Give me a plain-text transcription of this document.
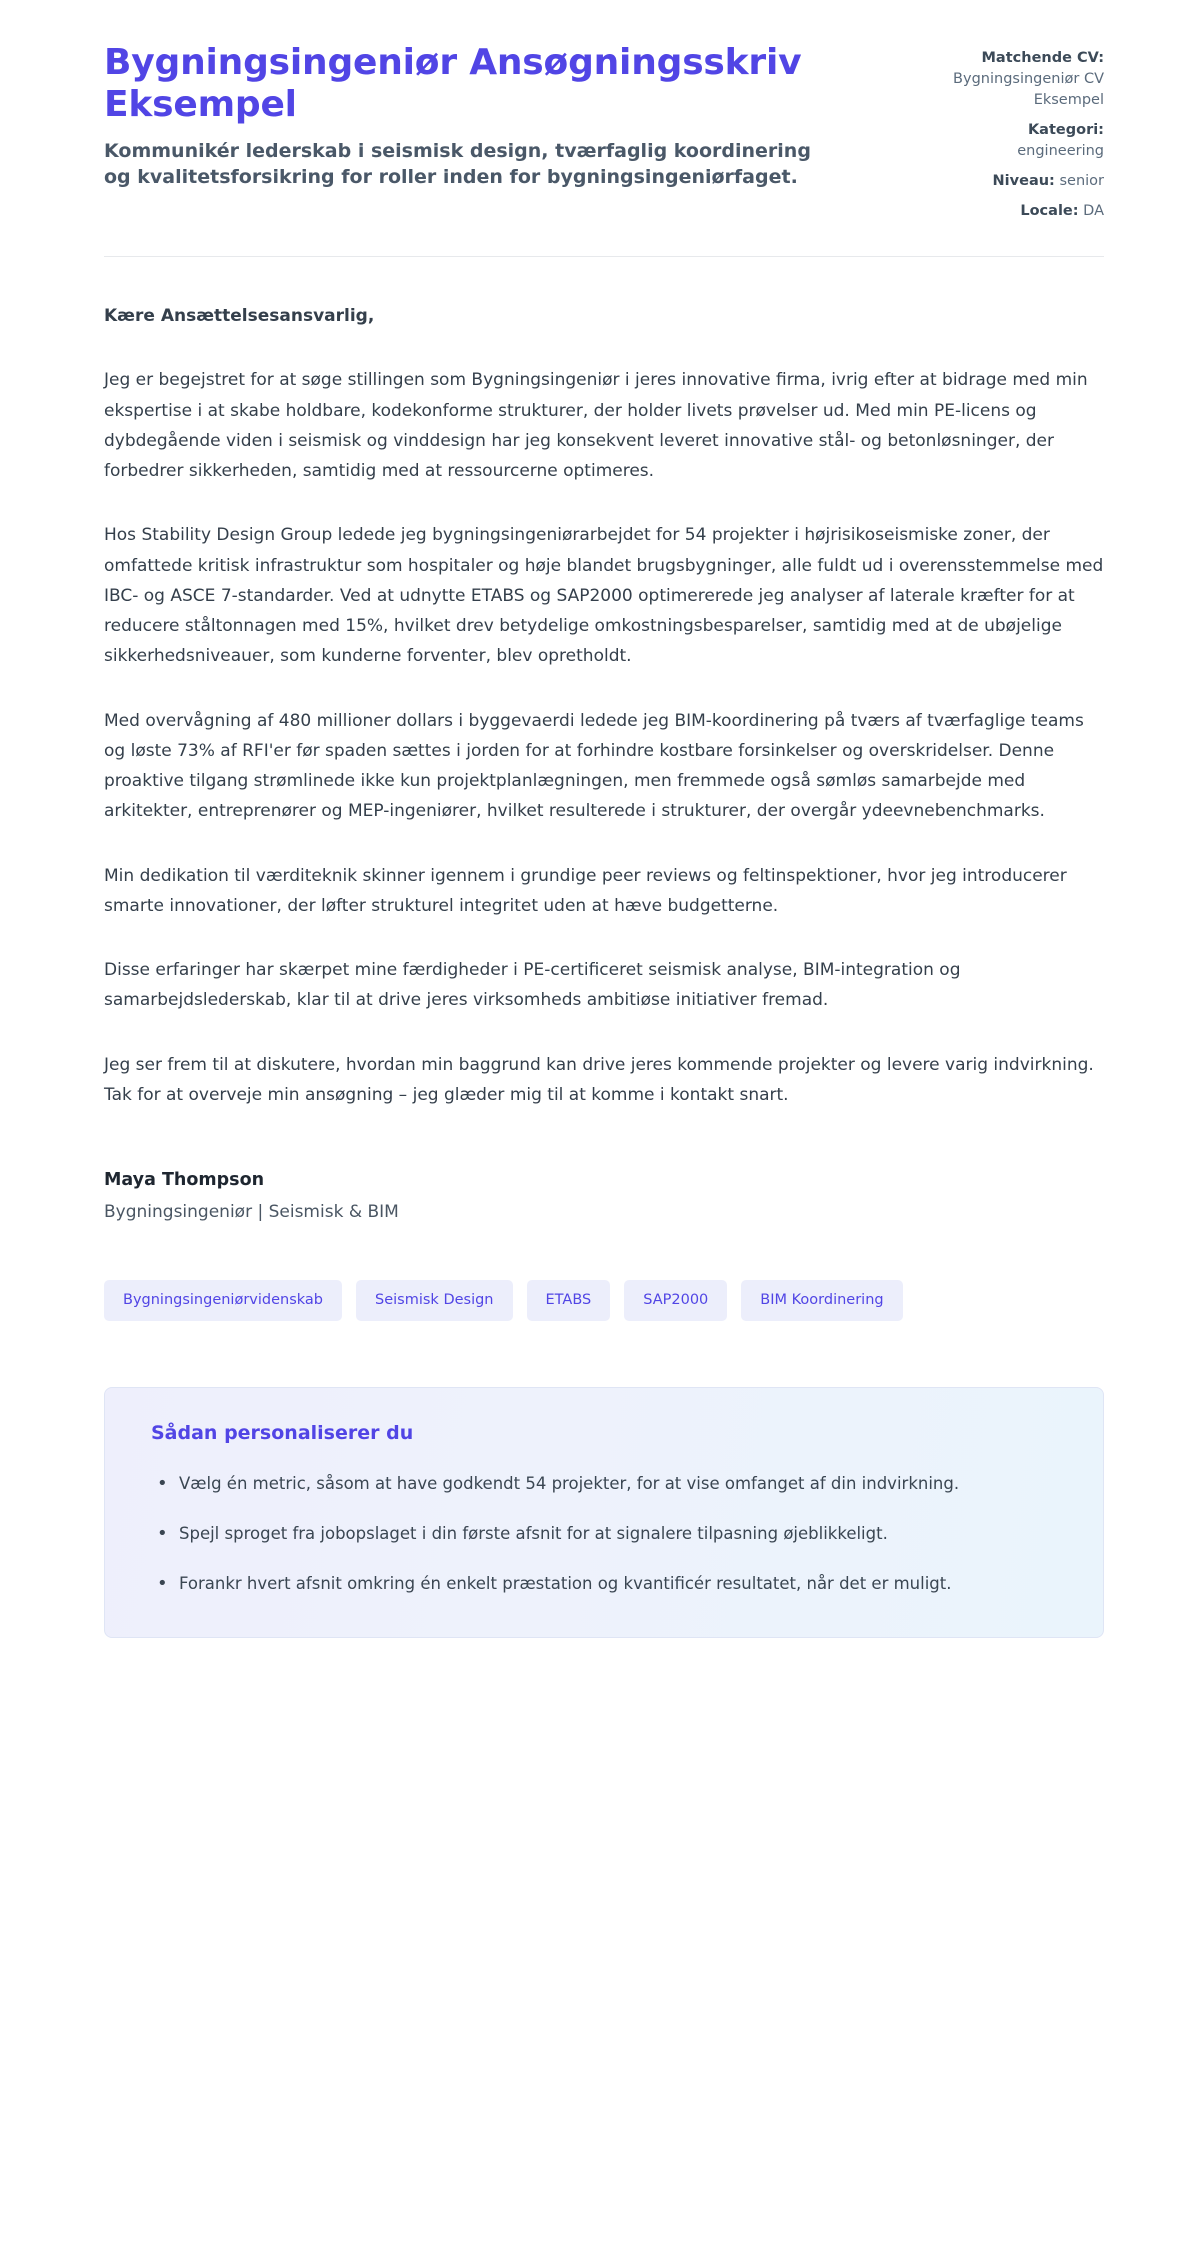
Bygningsingeniør Ansøgningsskriv Eksempel

Kommunikér lederskab i seismisk design, tværfaglig koordinering og kvalitetsforsikring for roller inden for bygningsingeniørfaget.

Matchende CV:
Bygningsingeniør CV Eksempel
Kategori:
engineering
Niveau: senior
Locale: DA

Kære Ansættelsesansvarlig,

Jeg er begejstret for at søge stillingen som Bygningsingeniør i jeres innovative firma, ivrig efter at bidrage med min ekspertise i at skabe holdbare, kodekonforme strukturer, der holder livets prøvelser ud. Med min PE-licens og dybdegående viden i seismisk og vinddesign har jeg konsekvent leveret innovative stål- og betonløsninger, der forbedrer sikkerheden, samtidig med at ressourcerne optimeres.

Hos Stability Design Group ledede jeg bygningsingeniørarbejdet for 54 projekter i højrisikoseismiske zoner, der omfattede kritisk infrastruktur som hospitaler og høje blandet brugsbygninger, alle fuldt ud i overensstemmelse med IBC- og ASCE 7-standarder. Ved at udnytte ETABS og SAP2000 optimererede jeg analyser af laterale kræfter for at reducere ståltonnagen med 15%, hvilket drev betydelige omkostningsbesparelser, samtidig med at de ubøjelige sikkerhedsniveauer, som kunderne forventer, blev opretholdt.

Med overvågning af 480 millioner dollars i byggevaerdi ledede jeg BIM-koordinering på tværs af tværfaglige teams og løste 73% af RFI'er før spaden sættes i jorden for at forhindre kostbare forsinkelser og overskridelser. Denne proaktive tilgang strømlinede ikke kun projektplanlægningen, men fremmede også sømløs samarbejde med arkitekter, entreprenører og MEP-ingeniører, hvilket resulterede i strukturer, der overgår ydeevnebenchmarks.

Min dedikation til værditeknik skinner igennem i grundige peer reviews og feltinspektioner, hvor jeg introducerer smarte innovationer, der løfter strukturel integritet uden at hæve budgetterne.

Disse erfaringer har skærpet mine færdigheder i PE-certificeret seismisk analyse, BIM-integration og samarbejdslederskab, klar til at drive jeres virksomheds ambitiøse initiativer fremad.

Jeg ser frem til at diskutere, hvordan min baggrund kan drive jeres kommende projekter og levere varig indvirkning. Tak for at overveje min ansøgning – jeg glæder mig til at komme i kontakt snart.

Maya Thompson
Bygningsingeniør | Seismisk & BIM
Bygningsingeniørvidenskab	Seismisk Design	ETABS	SAP2000	BIM Koordinering
Sådan personaliserer du
• Vælg én metric, såsom at have godkendt 54 projekter, for at vise omfanget af din indvirkning.
• Spejl sproget fra jobopslaget i din første afsnit for at signalere tilpasning øjeblikkeligt.
• Forankr hvert afsnit omkring én enkelt præstation og kvantificér resultatet, når det er muligt.
